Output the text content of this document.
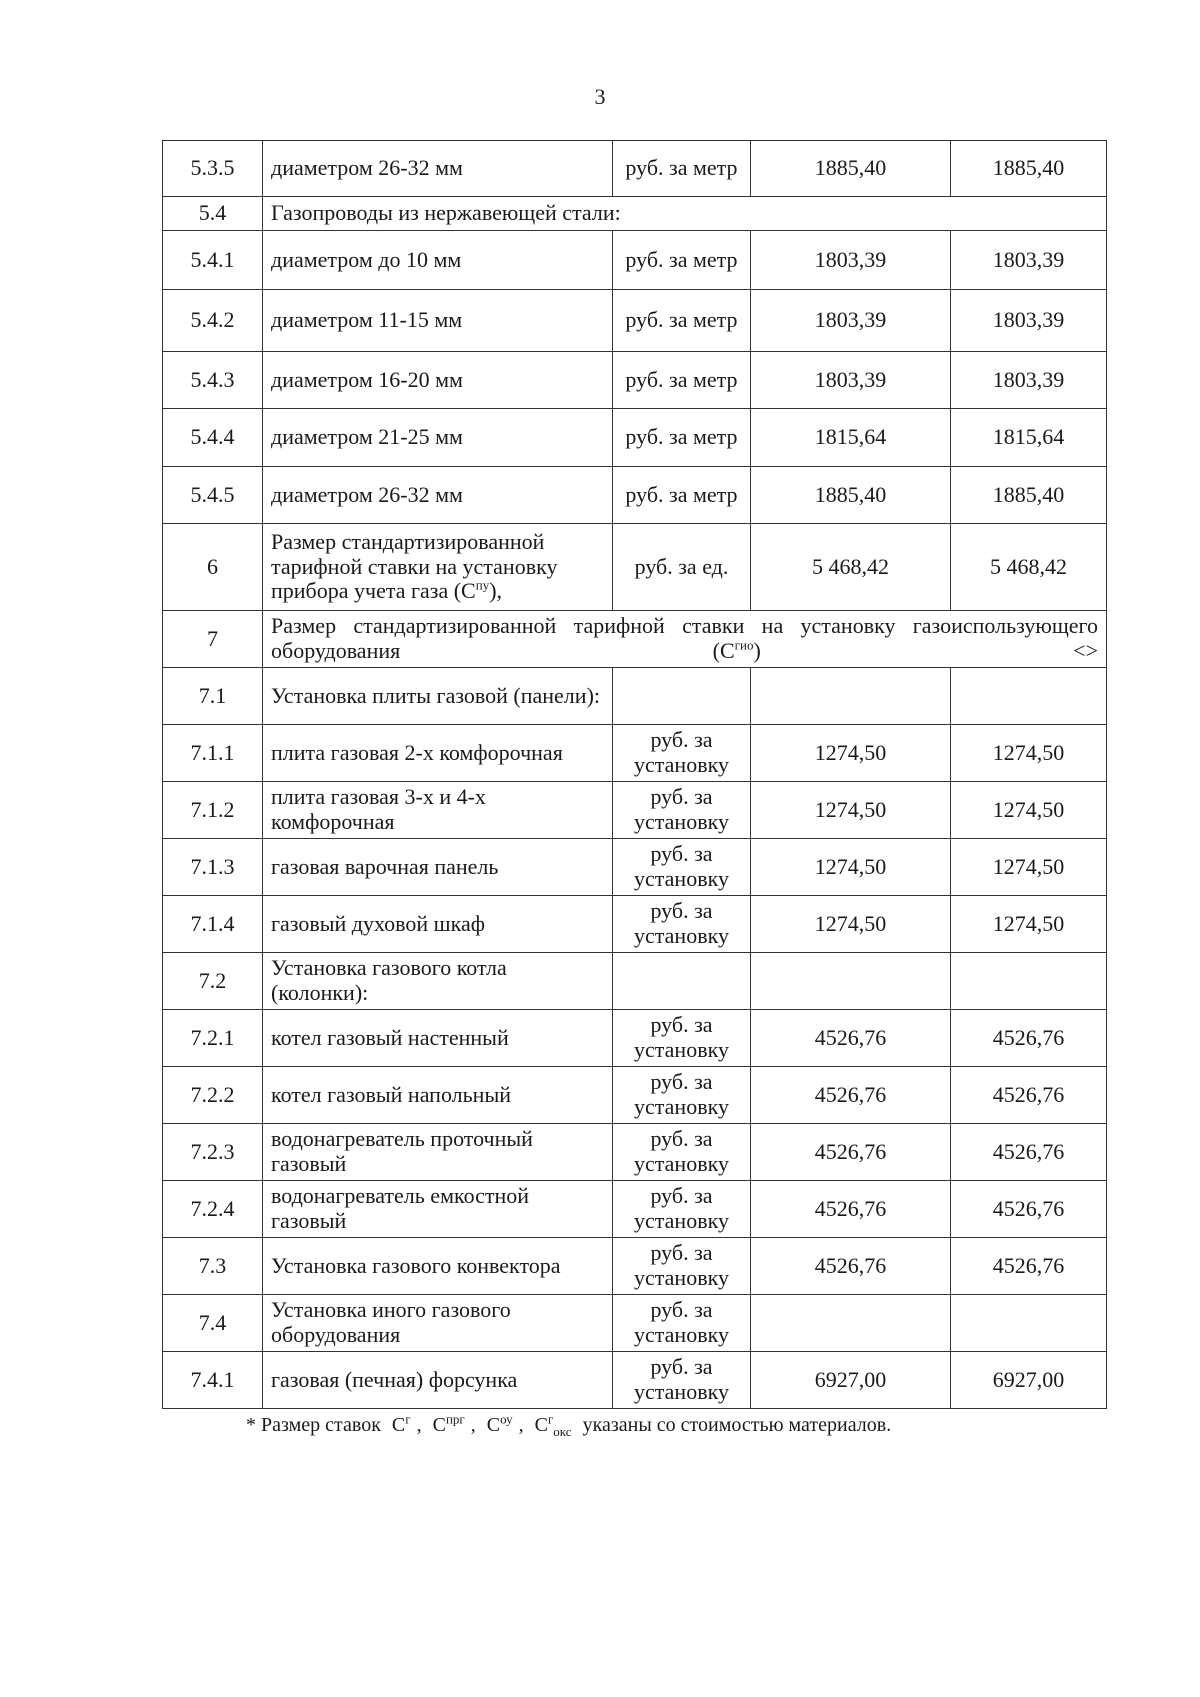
3
5.3.5	диаметром 26-32 мм	руб. за метр	1885,40	1885,40
5.4	Газопроводы из нержавеющей стали:			
5.4.1	диаметром до 10 мм	руб. за метр	1803,39	1803,39
5.4.2	диаметром 11-15 мм	руб. за метр	1803,39	1803,39
5.4.3	диаметром 16-20 мм	руб. за метр	1803,39	1803,39
5.4.4	диаметром 21-25 мм	руб. за метр	1815,64	1815,64
5.4.5	диаметром 26-32 мм	руб. за метр	1885,40	1885,40
6	Размер стандартизированной тарифной ставки на установку прибора учета газа $(С^{пу})$,	руб. за ед.	5 468,42	5 468,42
7	Размер стандартизированной тарифной ставки на установку газоиспользующего оборудования $(С^{гио})$ <>			
7.1	Установка плиты газовой (панели):			
7.1.1	плита газовая 2-х комфорочная	руб. за установку	1274,50	1274,50
7.1.2	плита газовая 3-х и 4-х комфорочная	руб. за установку	1274,50	1274,50
7.1.3	газовая варочная панель	руб. за установку	1274,50	1274,50
7.1.4	газовый духовой шкаф	руб. за установку	1274,50	1274,50
7.2	Установка газового котла (колонки):			
7.2.1	котел газовый настенный	руб. за установку	4526,76	4526,76
7.2.2	котел газовый напольный	руб. за установку	4526,76	4526,76
7.2.3	водонагреватель проточный газовый	руб. за установку	4526,76	4526,76
7.2.4	водонагреватель емкостной газовый	руб. за установку	4526,76	4526,76
7.3	Установка газового конвектора	руб. за установку	4526,76	4526,76
7.4	Установка иного газового оборудования	руб. за установку		
7.4.1	газовая (печная) форсунка	руб. за установку	6927,00	6927,00
* Размер ставок $С^г$ , $С^{прг}$ , $С^{оу}$ , $С^г_{окс}$ указаны со стоимостью материалов.
